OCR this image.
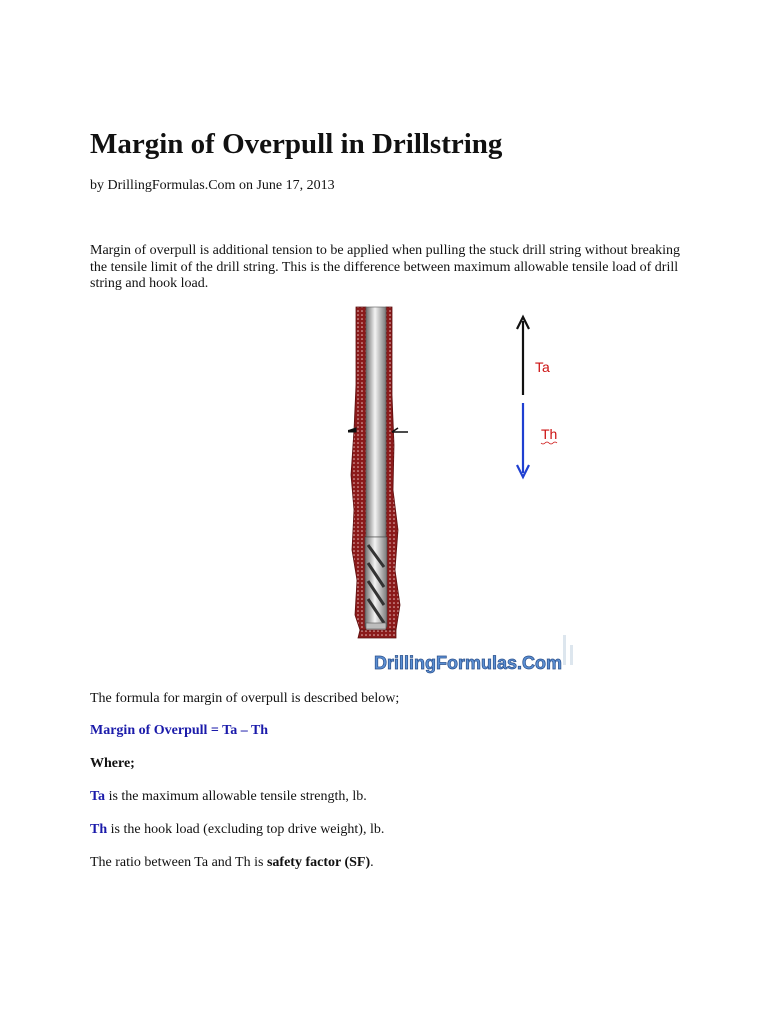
Margin of Overpull in Drillstring
by DrillingFormulas.Com on June 17, 2013
Margin of overpull is additional tension to be applied when pulling the stuck drill string without breaking the tensile limit of the drill string. This is the difference between maximum allowable tensile load of drill string and hook load.
Ta
Th
DrillingFormulas.Com
The formula for margin of overpull is described below;
Margin of Overpull = Ta – Th
Where;
Ta is the maximum allowable tensile strength, lb.
Th is the hook load (excluding top drive weight), lb.
The ratio between Ta and Th is safety factor (SF).
